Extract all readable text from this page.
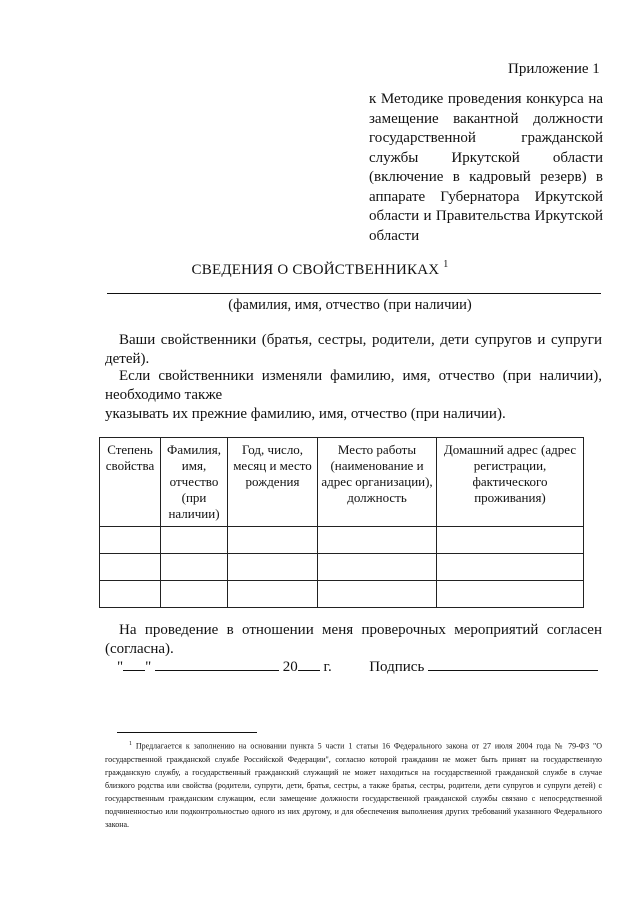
Приложение 1
к Методике проведения конкурса на
замещение вакантной должности
государственной гражданской
службы Иркутской области
(включение в кадровый резерв) в
аппарате Губернатора Иркутской
области и Правительства Иркутской
области
СВЕДЕНИЯ О СВОЙСТВЕННИКАХ $^1$
(фамилия, имя, отчество (при наличии)
Ваши свойственники (братья, сестры, родители, дети супругов и супруги
детей).
Если свойственники изменяли фамилию, имя, отчество (при наличии),
необходимо также
указывать их прежние фамилию, имя, отчество (при наличии).
Степень свойства	Фамилия, имя, отчество (при наличии)	Год, число, месяц и место рождения	Место работы (наименование и адрес организации), должность	Домашний адрес (адрес регистрации, фактического проживания)

На проведение в отношении меня проверочных мероприятий согласен
(согласна).
" "	20 г.	Подпись
$^1$ Предлагается к заполнению на основании пункта 5 части 1 статьи 16 Федерального закона от 27 июля 2004 года № 79-ФЗ "О государственной гражданской службе Российской Федерации", согласно которой гражданин не может быть принят на государственную гражданскую службу, а государственный гражданский служащий не может находиться на государственной гражданской службе в случае близкого родства или свойства (родители, супруги, дети, братья, сестры, а также братья, сестры, родители, дети супругов и супруги детей) с государственным гражданским служащим, если замещение должности государственной гражданской службы связано с непосредственной подчиненностью или подконтрольностью одного из них другому, и для обеспечения выполнения других требований указанного Федерального закона.
